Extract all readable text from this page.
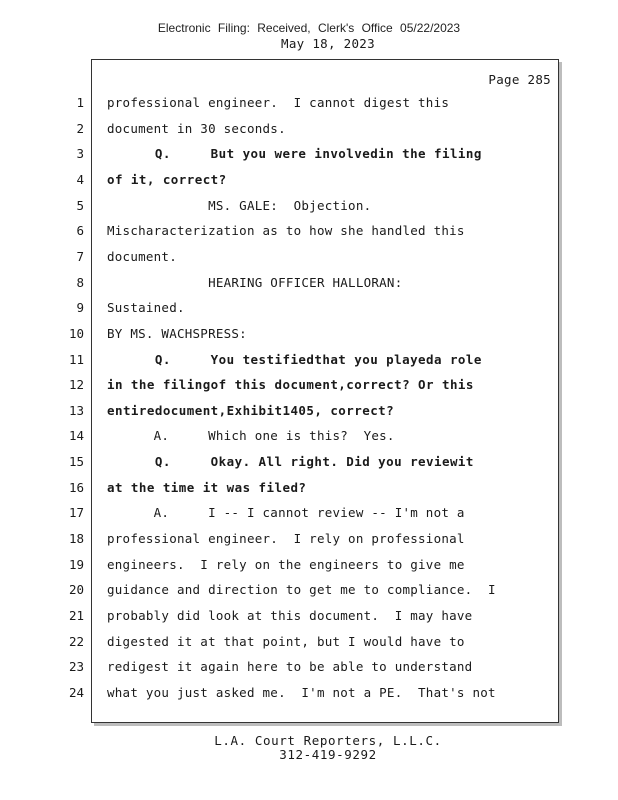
Electronic Filing: Received, Clerk's Office 05/22/2023
May 18, 2023
Page 285
1 professional engineer.  I cannot digest this
2 document in 30 seconds.
3 Q.     But you were involvedin the filing
4 of it, correct?
5 MS. GALE:  Objection.
6 Mischaracterization as to how she handled this
7 document.
8 HEARING OFFICER HALLORAN:
9 Sustained.
10 BY MS. WACHSPRESS:
11 Q.     You testifiedthat you playeda role
12 in the filingof this document,correct? Or this
13 entiredocument,Exhibit1405, correct?
14 A.     Which one is this?  Yes.
15 Q.     Okay. All right. Did you reviewit
16 at the time it was filed?
17 A.     I -- I cannot review -- I'm not a
18 professional engineer.  I rely on professional
19 engineers.  I rely on the engineers to give me
20 guidance and direction to get me to compliance.  I
21 probably did look at this document.  I may have
22 digested it at that point, but I would have to
23 redigest it again here to be able to understand
24 what you just asked me.  I'm not a PE.  That's not
L.A. Court Reporters, L.L.C.
312-419-9292
